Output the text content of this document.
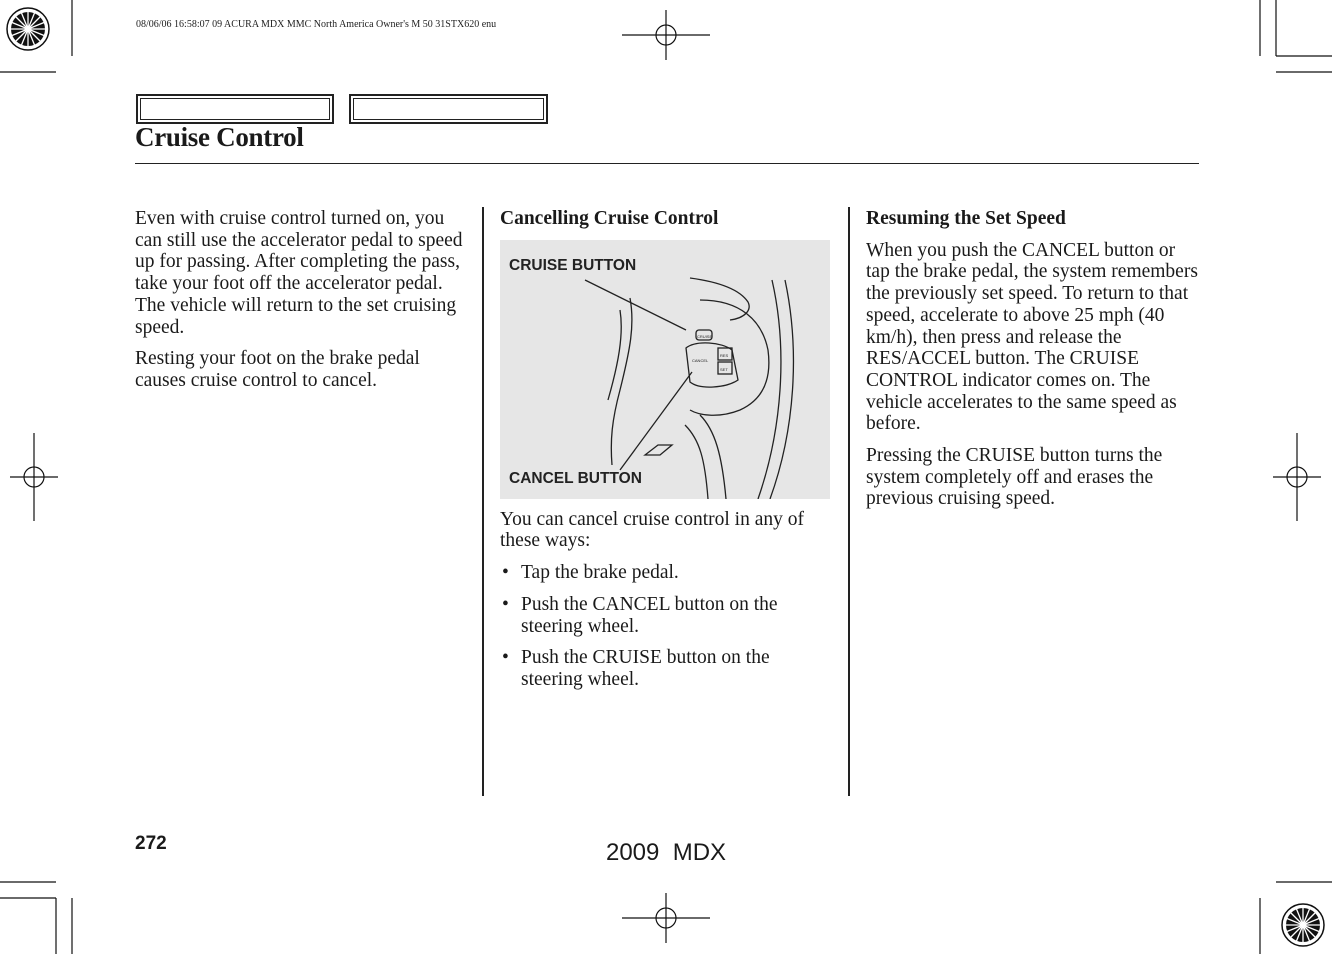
08/06/06 16:58:07 09 ACURA MDX MMC North America Owner's M 50 31STX620 enu
Cruise Control

Even with cruise control turned on, you can still use the accelerator pedal to speed up for passing. After completing the pass, take your foot off the accelerator pedal. The vehicle will return to the set cruising speed.

Resting your foot on the brake pedal causes cruise control to cancel.

Cancelling Cruise Control

CRUISE BUTTON
CANCEL BUTTON
CRUISE
CANCEL
RES
SET

You can cancel cruise control in any of these ways:

• Tap the brake pedal.
• Push the CANCEL button on the steering wheel.
• Push the CRUISE button on the steering wheel.

Resuming the Set Speed

When you push the CANCEL button or tap the brake pedal, the system remembers the previously set speed. To return to that speed, accelerate to above 25 mph (40 km/h), then press and release the RES/ACCEL button. The CRUISE CONTROL indicator comes on. The vehicle accelerates to the same speed as before.

Pressing the CRUISE button turns the system completely off and erases the previous cruising speed.

272	2009  MDX
